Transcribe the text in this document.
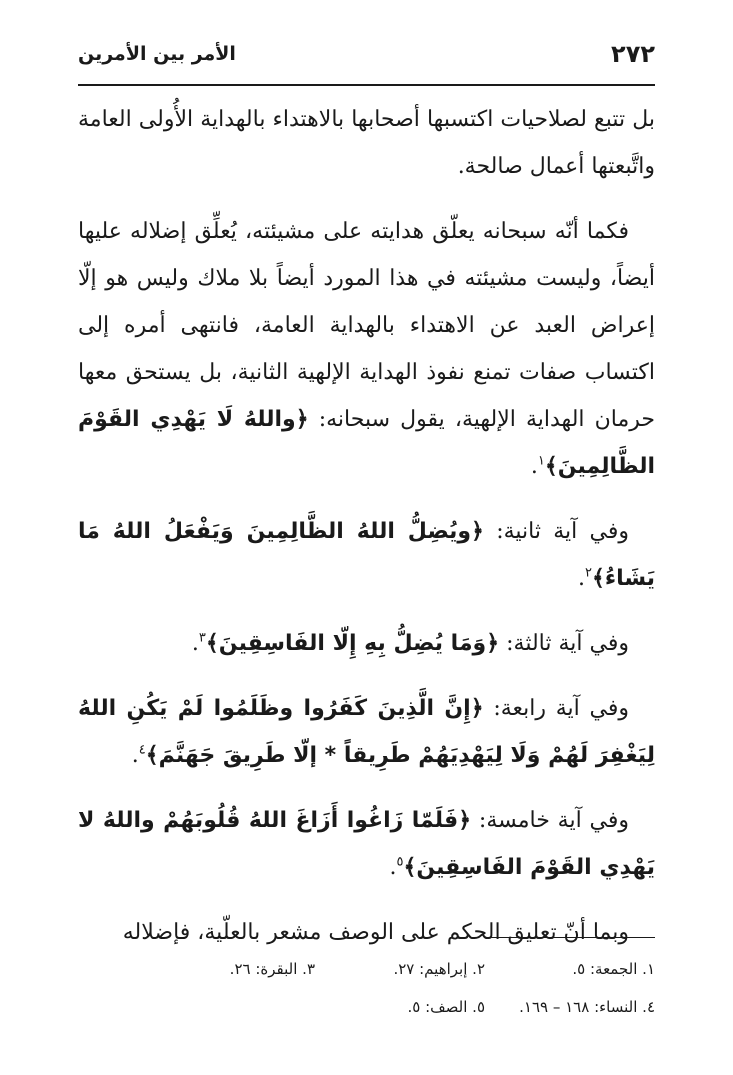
٢٧٢
الأمر بين الأمرين

بل تتبع لصلاحيات اكتسبها أصحابها بالاهتداء بالهداية الأُولى العامة واتَّبعتها أعمال صالحة.

فكما أنّه سبحانه يعلّق هدايته على مشيئته، يُعلِّق إضلاله عليها أيضاً، وليست مشيئته في هذا المورد أيضاً بلا ملاك وليس هو إلّا إعراض العبد عن الاهتداء بالهداية العامة، فانتهى أمره إلى اكتساب صفات تمنع نفوذ الهداية الإلهية الثانية، بل يستحق معها حرمان الهداية الإلهية، يقول سبحانه: ﴿واللهُ لَا يَهْدِي القَوْمَ الظَّالِمِينَ﴾$^١$.

وفي آية ثانية: ﴿ويُضِلُّ اللهُ الظَّالِمِينَ وَيَفْعَلُ اللهُ مَا يَشَاءُ﴾$^٢$.

وفي آية ثالثة: ﴿وَمَا يُضِلُّ بِهِ إِلّا الفَاسِقِينَ﴾$^٣$.

وفي آية رابعة: ﴿إِنَّ الَّذِينَ كَفَرُوا وظَلَمُوا لَمْ يَكُنِ اللهُ لِيَغْفِرَ لَهُمْ وَلَا لِيَهْدِيَهُمْ طَرِيقاً * إلّا طَرِيقَ جَهَنَّمَ﴾$^٤$.

وفي آية خامسة: ﴿فَلَمّا زَاغُوا أَزَاغَ اللهُ قُلُوبَهُمْ واللهُ لا يَهْدِي القَوْمَ الفَاسِقِينَ﴾$^٥$.

وبما أنّ تعليق الحكم على الوصف مشعر بالعلّية، فإضلاله

١. الجمعة: ٥.
٢. إبراهيم: ٢٧.
٣. البقرة: ٢٦.
٤. النساء: ١٦٨ – ١٦٩.
٥. الصف: ٥.
